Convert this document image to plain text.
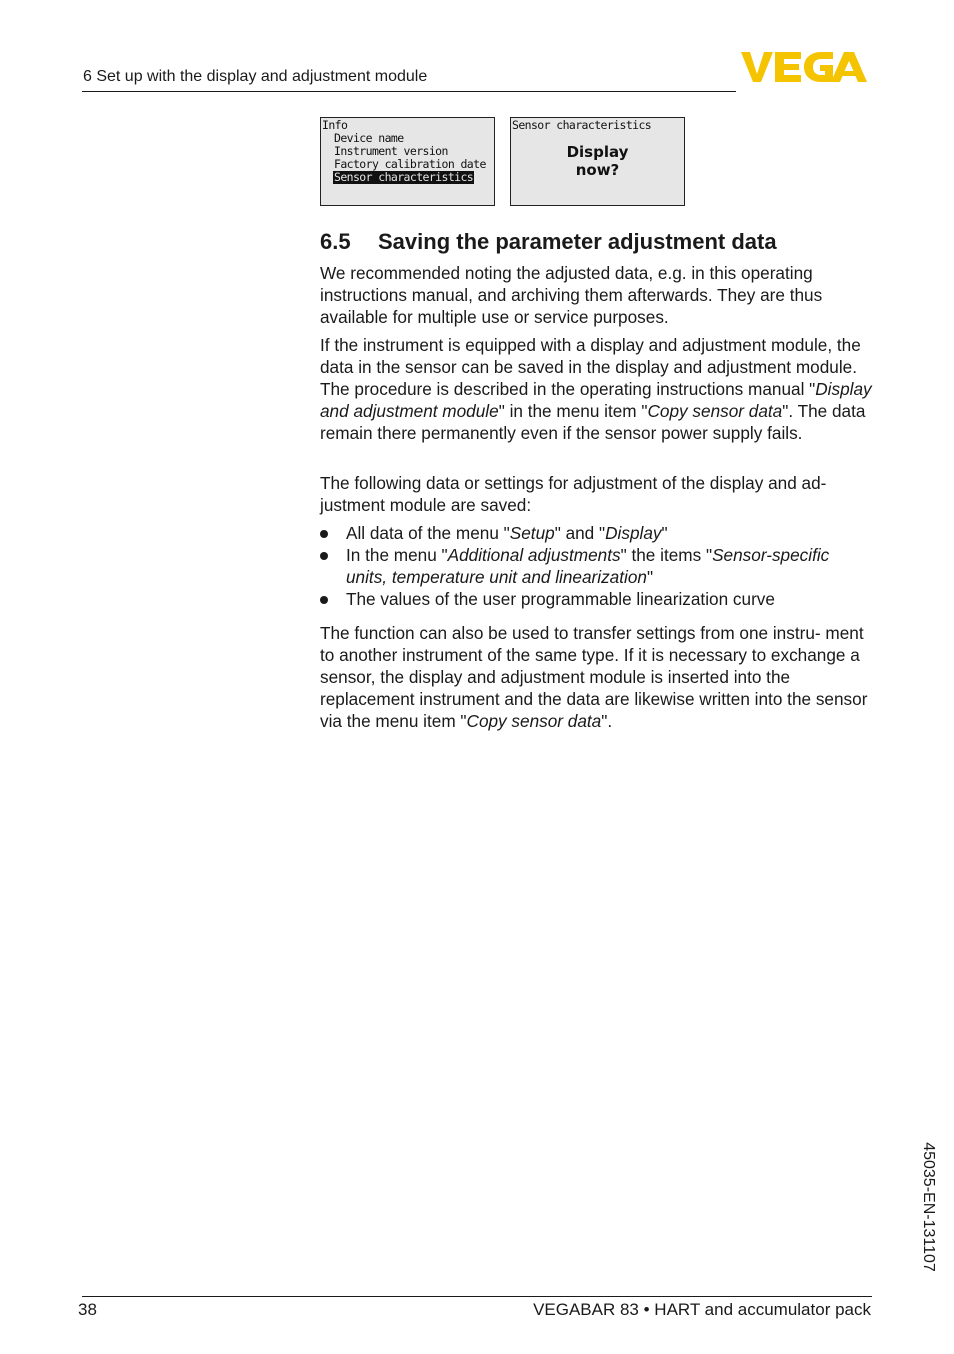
6 Set up with the display and adjustment module
Info
Device name
Instrument version
Factory calibration date
Sensor characteristics
Sensor characteristics
Display
now?
6.5 Saving the parameter adjustment data

We recommended noting the adjusted data, e.g. in this operating instructions manual, and archiving them afterwards. They are thus available for multiple use or service purposes.

If the instrument is equipped with a display and adjustment module, the data in the sensor can be saved in the display and adjustment module. The procedure is described in the operating instructions manual "Display and adjustment module" in the menu item "Copy sensor data". The data remain there permanently even if the sensor power supply fails.

The following data or settings for adjustment of the display and ad- justment module are saved:

All data of the menu "Setup" and "Display"
In the menu "Additional adjustments" the items "Sensor-specific units, temperature unit and linearization"
The values of the user programmable linearization curve

The function can also be used to transfer settings from one instru- ment to another instrument of the same type. If it is necessary to exchange a sensor, the display and adjustment module is inserted into the replacement instrument and the data are likewise written into the sensor via the menu item "Copy sensor data".

45035-EN-131107
38	VEGABAR 83 • HART and accumulator pack
